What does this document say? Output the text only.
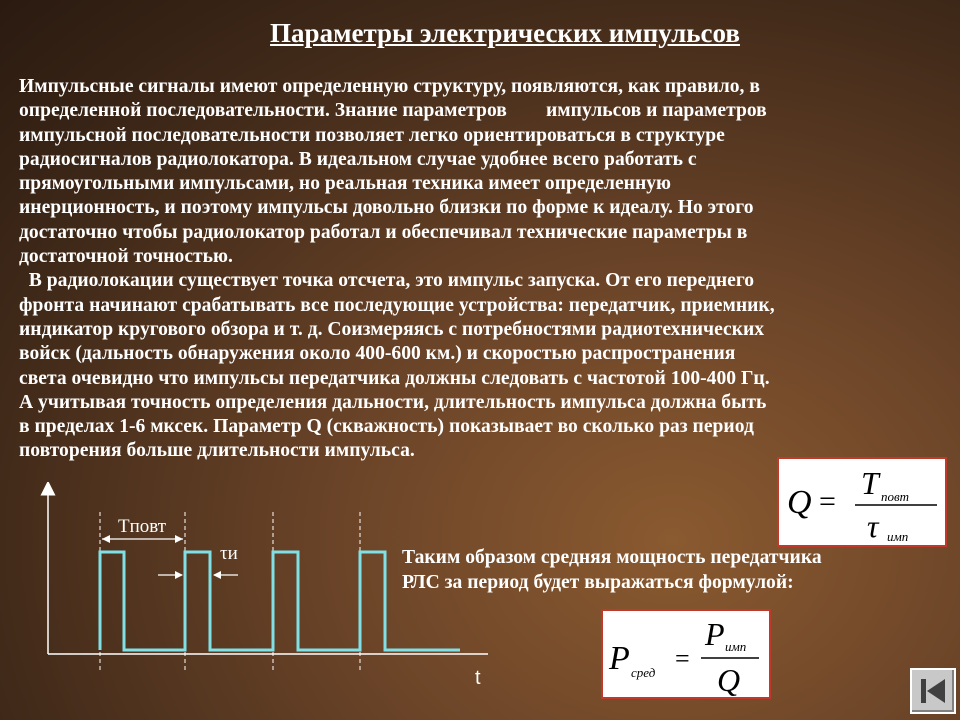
Параметры электрических импульсов

Импульсные сигналы имеют определенную структуру, появляются, как правило, в
определенной последовательности. Знание параметров        импульсов и параметров
импульсной последовательности позволяет легко ориентироваться в структуре
радиосигналов радиолокатора. В идеальном случае удобнее всего работать с
прямоугольными импульсами, но реальная техника имеет определенную
инерционность, и поэтому импульсы довольно близки по форме к идеалу. Но этого
достаточно чтобы радиолокатор работал и обеспечивал технические параметры в
достаточной точностью.

В радиолокации существует точка отсчета, это импульс запуска. От его переднего
фронта начинают срабатывать все последующие устройства: передатчик, приемник,
индикатор кругового обзора и т. д. Соизмеряясь с потребностями радиотехнических
войск (дальность обнаружения около 400-600 км.) и скоростью распространения
света очевидно что импульсы передатчика должны следовать с частотой 100-400 Гц.
А учитывая точность определения дальности, длительность импульса должна быть
в пределах 1-6 мксек. Параметр Q (скважность) показывает во сколько раз период
повторения больше длительности импульса.

Q =
T повт
τ имп
Таким образом средняя мощность передатчика
РЛС за период будет выражаться формулой:
P сред =
P имп
Q
Tповт
τи
t
